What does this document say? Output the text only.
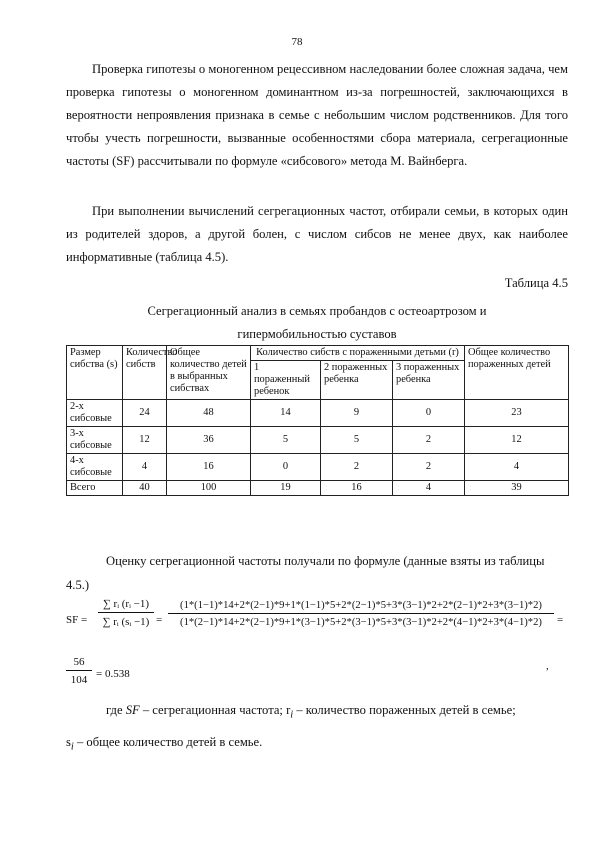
78
Проверка гипотезы о моногенном рецессивном наследовании более сложная задача, чем проверка гипотезы о моногенном доминантном из-за погрешностей, заключающихся в вероятности непроявления признака в семье с небольшим числом родственников. Для того чтобы учесть погрешности, вызванные особенностями сбора материала, сегрегационные частоты (SF) рассчитывали по формуле «сибсового» метода М. Вайнберга.
При выполнении вычислений сегрегационных частот, отбирали семьи, в которых один из родителей здоров, а другой болен, с числом сибсов не менее двух, как наиболее информативные (таблица 4.5).
Таблица 4.5
Сегрегационный анализ в семьях пробандов с остеоартрозом и
гипермобильностью суставов
Размер сибства (s)	Количество сибств	Общее количество детей в выбранных сибствах	Количество сибств с пораженными детьми (r)			Общее количество пораженных детей
			1 пораженный ребенок	2 пораженных ребенка	3 пораженных ребенка	
2-х сибсовые	24	48	14	9	0	23
3-х сибсовые	12	36	5	5	2	12
4-х сибсовые	4	16	0	2	2	4
Всего	40	100	19	16	4	39
Оценку сегрегационной частоты получали по формуле (данные взяты из таблицы 4.5.)
SF = $\frac{\text{∑ rᵢ (rᵢ −1)}}{\text{∑ rᵢ (sᵢ −1)}}$ =
(1*(1−1)*14+2*(2−1)*9+1*(1−1)*5+2*(2−1)*5+3*(3−1)*2+2*(2−1)*2+3*(3−1)*2)
(1*(2−1)*14+2*(2−1)*9+1*(3−1)*5+2*(3−1)*5+3*(3−1)*2+2*(4−1)*2+3*(4−1)*2)	=
$\frac{56}{104} = 0.538$
,
где SF – сегрегационная частота; $r_i$ – количество пораженных детей в семье;
$s_i$ – общее количество детей в семье.
